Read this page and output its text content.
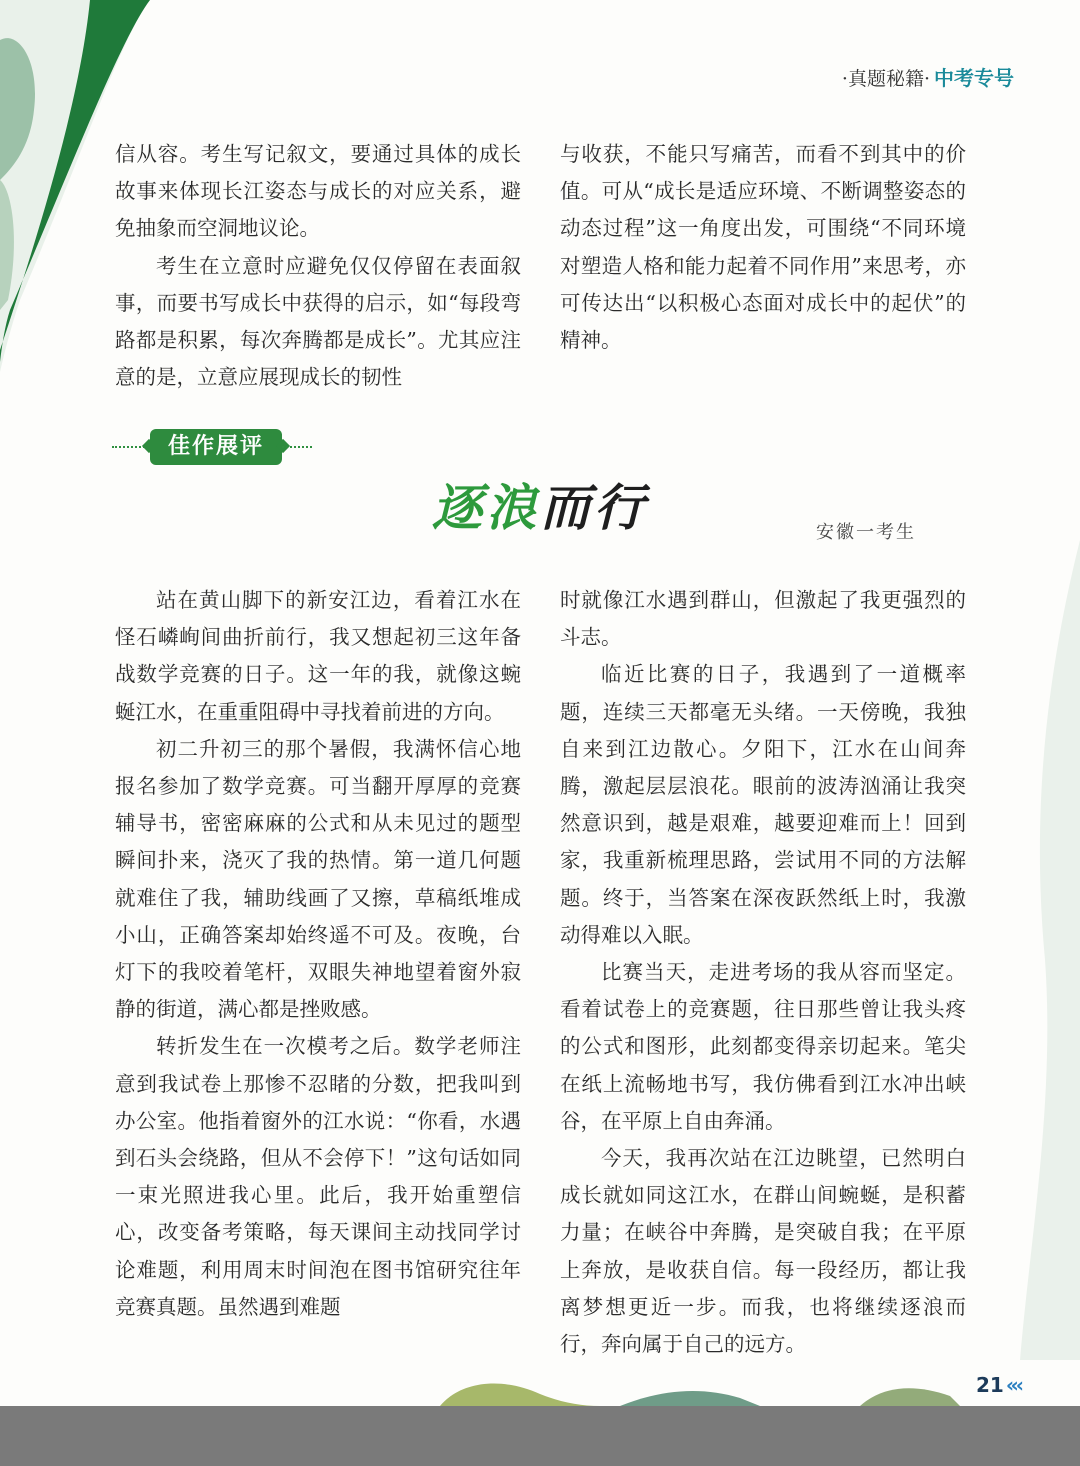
·真题秘籍· 中考专号

信从容。考生写记叙文，要通过具体的成长故事来体现长江姿态与成长的对应关系，避免抽象而空洞地议论。

考生在立意时应避免仅仅停留在表面叙事，而要书写成长中获得的启示，如“每段弯路都是积累，每次奔腾都是成长”。尤其应注意的是，立意应展现成长的韧性

与收获，不能只写痛苦，而看不到其中的价值。可从“成长是适应环境、不断调整姿态的动态过程”这一角度出发，可围绕“不同环境对塑造人格和能力起着不同作用”来思考，亦可传达出“以积极心态面对成长中的起伏”的精神。

佳作展评
逐浪而行	安徽一考生

站在黄山脚下的新安江边，看着江水在怪石嶙峋间曲折前行，我又想起初三这年备战数学竞赛的日子。这一年的我，就像这蜿蜒江水，在重重阻碍中寻找着前进的方向。

初二升初三的那个暑假，我满怀信心地报名参加了数学竞赛。可当翻开厚厚的竞赛辅导书，密密麻麻的公式和从未见过的题型瞬间扑来，浇灭了我的热情。第一道几何题就难住了我，辅助线画了又擦，草稿纸堆成小山，正确答案却始终遥不可及。夜晚，台灯下的我咬着笔杆，双眼失神地望着窗外寂静的街道，满心都是挫败感。

转折发生在一次模考之后。数学老师注意到我试卷上那惨不忍睹的分数，把我叫到办公室。他指着窗外的江水说：“你看，水遇到石头会绕路，但从不会停下！”这句话如同一束光照进我心里。此后，我开始重塑信心，改变备考策略，每天课间主动找同学讨论难题，利用周末时间泡在图书馆研究往年竞赛真题。虽然遇到难题

时就像江水遇到群山，但激起了我更强烈的斗志。

临近比赛的日子，我遇到了一道概率题，连续三天都毫无头绪。一天傍晚，我独自来到江边散心。夕阳下，江水在山间奔腾，激起层层浪花。眼前的波涛汹涌让我突然意识到，越是艰难，越要迎难而上！回到家，我重新梳理思路，尝试用不同的方法解题。终于，当答案在深夜跃然纸上时，我激动得难以入眠。

比赛当天，走进考场的我从容而坚定。看着试卷上的竞赛题，往日那些曾让我头疼的公式和图形，此刻都变得亲切起来。笔尖在纸上流畅地书写，我仿佛看到江水冲出峡谷，在平原上自由奔涌。

今天，我再次站在江边眺望，已然明白成长就如同这江水，在群山间蜿蜒，是积蓄力量；在峡谷中奔腾，是突破自我；在平原上奔放，是收获自信。每一段经历，都让我离梦想更近一步。而我，也将继续逐浪而行，奔向属于自己的远方。

21 «‹
